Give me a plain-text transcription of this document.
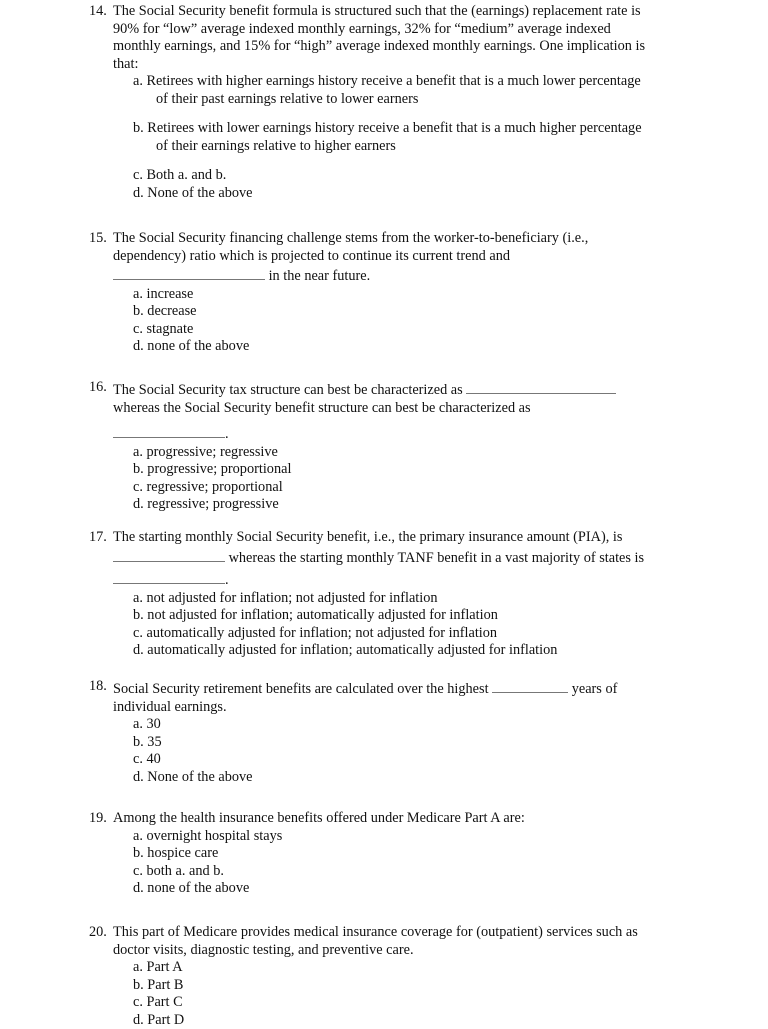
14. The Social Security benefit formula is structured such that the (earnings) replacement rate is
90% for “low” average indexed monthly earnings, 32% for “medium” average indexed
monthly earnings, and 15% for “high” average indexed monthly earnings. One implication is
that:
a. Retirees with higher earnings history receive a benefit that is a much lower percentage
of their past earnings relative to lower earners
b. Retirees with lower earnings history receive a benefit that is a much higher percentage
of their earnings relative to higher earners
c. Both a. and b.
d. None of the above
15. The Social Security financing challenge stems from the worker-to-beneficiary (i.e.,
dependency) ratio which is projected to continue its current trend and
in the near future.
a. increase
b. decrease
c. stagnate
d. none of the above
16. The Social Security tax structure can best be characterized as
whereas the Social Security benefit structure can best be characterized as
.
a. progressive; regressive
b. progressive; proportional
c. regressive; proportional
d. regressive; progressive
17. The starting monthly Social Security benefit, i.e., the primary insurance amount (PIA), is
whereas the starting monthly TANF benefit in a vast majority of states is
.
a. not adjusted for inflation; not adjusted for inflation
b. not adjusted for inflation; automatically adjusted for inflation
c. automatically adjusted for inflation; not adjusted for inflation
d. automatically adjusted for inflation; automatically adjusted for inflation
18. Social Security retirement benefits are calculated over the highest	years of
individual earnings.
a. 30
b. 35
c. 40
d. None of the above
19. Among the health insurance benefits offered under Medicare Part A are:
a. overnight hospital stays
b. hospice care
c. both a. and b.
d. none of the above
20. This part of Medicare provides medical insurance coverage for (outpatient) services such as
doctor visits, diagnostic testing, and preventive care.
a. Part A
b. Part B
c. Part C
d. Part D
